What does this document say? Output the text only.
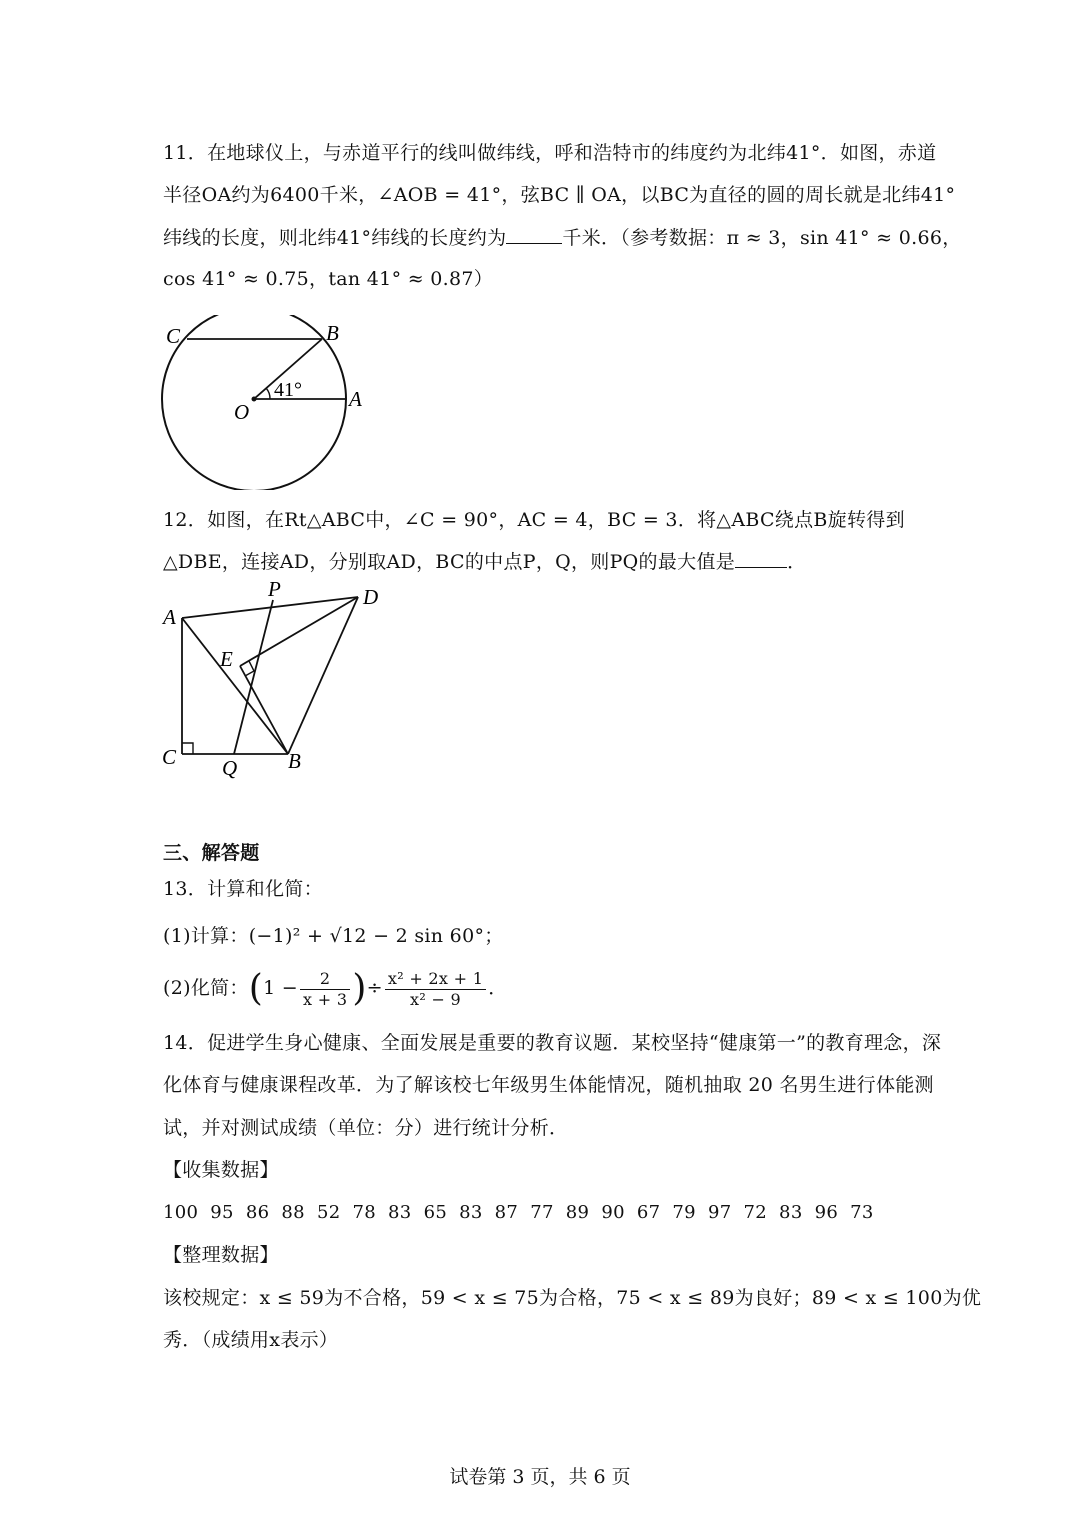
11．在地球仪上，与赤道平行的线叫做纬线，呼和浩特市的纬度约为北纬41°．如图，赤道
半径OA约为6400千米，∠AOB = 41°，弦BC ∥ OA，以BC为直径的圆的周长就是北纬41°
纬线的长度，则北纬41°纬线的长度约为	千米．（参考数据：π ≈ 3，sin 41° ≈ 0.66，
cos 41° ≈ 0.75，tan 41° ≈ 0.87）
C	B
41°
O
A
12．如图，在Rt△ABC中，∠C = 90°，AC = 4，BC = 3．将△ABC绕点B旋转得到
△DBE，连接AD，分别取AD，BC的中点P，Q，则PQ的最大值是	．
A
P	D
E
C Q B
三、解答题
13．计算和化简：
(1)计算：(−1)² + √12 − 2 sin 60°；
(2)化简：($1 - \frac{2}{x + 3}$ )÷ $\frac{\text{x² + 2x + 1}}{\text{x² − 9}}$ ．
14．促进学生身心健康、全面发展是重要的教育议题．某校坚持“健康第一”的教育理念，深
化体育与健康课程改革．为了解该校七年级男生体能情况，随机抽取 20 名男生进行体能测
试，并对测试成绩（单位：分）进行统计分析．
【收集数据】
100  95  86  88  52  78  83  65  83  87  77  89  90  67  79  97  72  83  96  73
【整理数据】
该校规定：x ≤ 59为不合格，59 < x ≤ 75为合格，75 < x ≤ 89为良好；89 < x ≤ 100为优
秀．（成绩用x表示）
试卷第 3 页，共 6 页
